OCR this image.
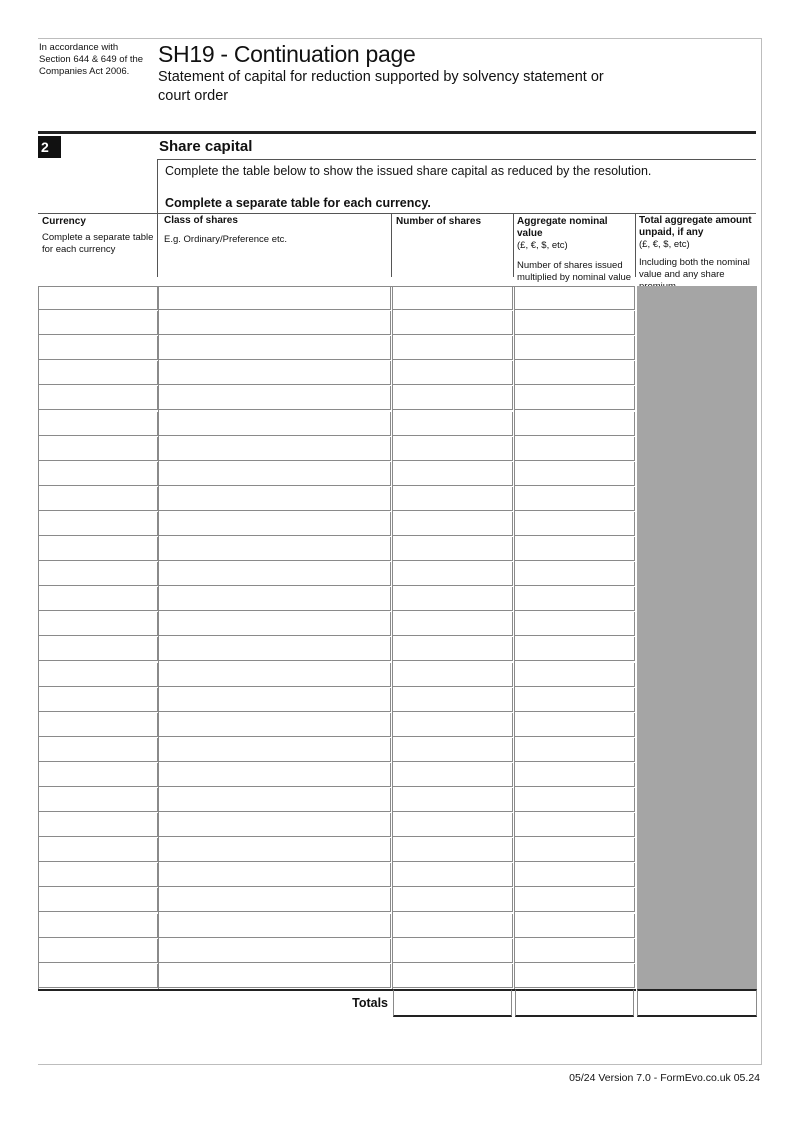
In accordance with Section 644 & 649 of the Companies Act 2006.
SH19 - Continuation page
Statement of capital for reduction supported by solvency statement or court order
2	Share capital
Complete the table below to show the issued share capital as reduced by the resolution.
Complete a separate table for each currency.
Currency
Complete a separate table for each currency
Class of shares
E.g. Ordinary/Preference etc.
Number of shares	Aggregate nominal value
(£, €, $, etc)
Number of shares issued multiplied by nominal value
Total aggregate amount unpaid, if any
(£, €, $, etc)
Including both the nominal value and any share
Totals
05/24 Version 7.0 - FormEvo.co.uk 05.24
